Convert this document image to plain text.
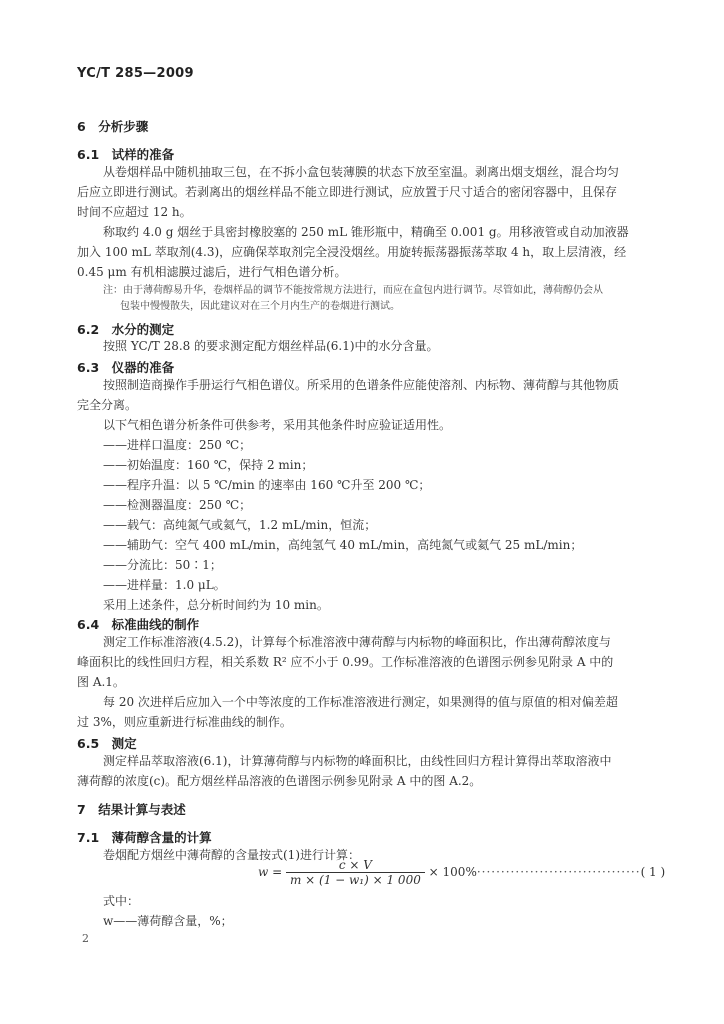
YC/T 285—2009
6　分析步骤
6.1　试样的准备
从卷烟样品中随机抽取三包，在不拆小盒包装薄膜的状态下放至室温。剥离出烟支烟丝，混合均匀
后应立即进行测试。若剥离出的烟丝样品不能立即进行测试，应放置于尺寸适合的密闭容器中，且保存
时间不应超过 12 h。
称取约 4.0 g 烟丝于具密封橡胶塞的 250 mL 锥形瓶中，精确至 0.001 g。用移液管或自动加液器
加入 100 mL 萃取剂(4.3)，应确保萃取剂完全浸没烟丝。用旋转振荡器振荡萃取 4 h，取上层清液，经
0.45 μm 有机相滤膜过滤后，进行气相色谱分析。
注：由于薄荷醇易升华，卷烟样品的调节不能按常规方法进行，而应在盒包内进行调节。尽管如此，薄荷醇仍会从
包装中慢慢散失，因此建议对在三个月内生产的卷烟进行测试。
6.2　水分的测定
按照 YC/T 28.8 的要求测定配方烟丝样品(6.1)中的水分含量。
6.3　仪器的准备
按照制造商操作手册运行气相色谱仪。所采用的色谱条件应能使溶剂、内标物、薄荷醇与其他物质
完全分离。
以下气相色谱分析条件可供参考，采用其他条件时应验证适用性。
——进样口温度：250 ℃；
——初始温度：160 ℃，保持 2 min；
——程序升温：以 5 ℃/min 的速率由 160 ℃升至 200 ℃；
——检测器温度：250 ℃；
——载气：高纯氮气或氦气，1.2 mL/min，恒流；
——辅助气：空气 400 mL/min，高纯氢气 40 mL/min，高纯氮气或氦气 25 mL/min；
——分流比：50∶1；
——进样量：1.0 μL。
采用上述条件，总分析时间约为 10 min。
6.4　标准曲线的制作
测定工作标准溶液(4.5.2)，计算每个标准溶液中薄荷醇与内标物的峰面积比，作出薄荷醇浓度与
峰面积比的线性回归方程，相关系数 R² 应不小于 0.99。工作标准溶液的色谱图示例参见附录 A 中的
图 A.1。
每 20 次进样后应加入一个中等浓度的工作标准溶液进行测定，如果测得的值与原值的相对偏差超
过 3%，则应重新进行标准曲线的制作。
6.5　测定
测定样品萃取溶液(6.1)，计算薄荷醇与内标物的峰面积比，由线性回归方程计算得出萃取溶液中
薄荷醇的浓度(c)。配方烟丝样品溶液的色谱图示例参见附录 A 中的图 A.2。
7　结果计算与表述
7.1　薄荷醇含量的计算
卷烟配方烟丝中薄荷醇的含量按式(1)进行计算：
$w = \frac{c \times V}{\text{m × (1 − w₁) × 1 000}} \times 100\%\cdot\cdot\cdot\cdot\cdot\cdot\cdot\cdot\cdot\cdot\cdot\cdot\cdot\cdot\cdot\cdot\cdot\cdot\cdot\cdot\cdot\cdot\cdot\cdot\cdot\cdot\cdot\cdot\cdot\cdot\cdot\cdot\cdot\cdot$( 1 )
式中：
w——薄荷醇含量，%；
2
